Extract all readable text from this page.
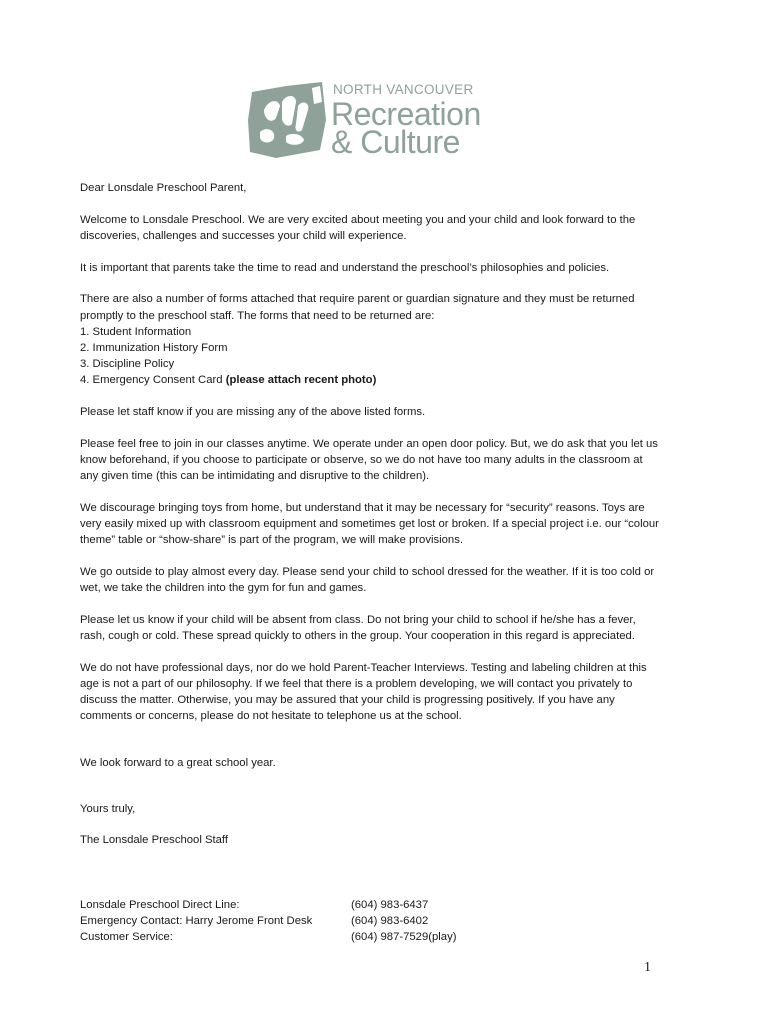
NORTH VANCOUVER
Recreation
& Culture

Dear Lonsdale Preschool Parent,

Welcome to Lonsdale Preschool. We are very excited about meeting you and your child and look forward to the discoveries, challenges and successes your child will experience.

It is important that parents take the time to read and understand the preschool’s philosophies and policies.

There are also a number of forms attached that require parent or guardian signature and they must be returned promptly to the preschool staff. The forms that need to be returned are:

1. Student Information
2. Immunization History Form
3. Discipline Policy
4. Emergency Consent Card (please attach recent photo)

Please let staff know if you are missing any of the above listed forms.

Please feel free to join in our classes anytime. We operate under an open door policy. But, we do ask that you let us know beforehand, if you choose to participate or observe, so we do not have too many adults in the classroom at any given time (this can be intimidating and disruptive to the children).

We discourage bringing toys from home, but understand that it may be necessary for “security” reasons. Toys are very easily mixed up with classroom equipment and sometimes get lost or broken. If a special project i.e. our “colour theme” table or “show-share” is part of the program, we will make provisions.

We go outside to play almost every day. Please send your child to school dressed for the weather. If it is too cold or wet, we take the children into the gym for fun and games.

Please let us know if your child will be absent from class. Do not bring your child to school if he/she has a fever, rash, cough or cold. These spread quickly to others in the group. Your cooperation in this regard is appreciated.

We do not have professional days, nor do we hold Parent-Teacher Interviews. Testing and labeling children at this age is not a part of our philosophy. If we feel that there is a problem developing, we will contact you privately to discuss the matter. Otherwise, you may be assured that your child is progressing positively. If you have any comments or concerns, please do not hesitate to telephone us at the school.

We look forward to a great school year.

Yours truly,

The Lonsdale Preschool Staff

Lonsdale Preschool Direct Line:	(604) 983-6437
Emergency Contact: Harry Jerome Front Desk	(604) 983-6402
Customer Service:	(604) 987-7529(play)
1
